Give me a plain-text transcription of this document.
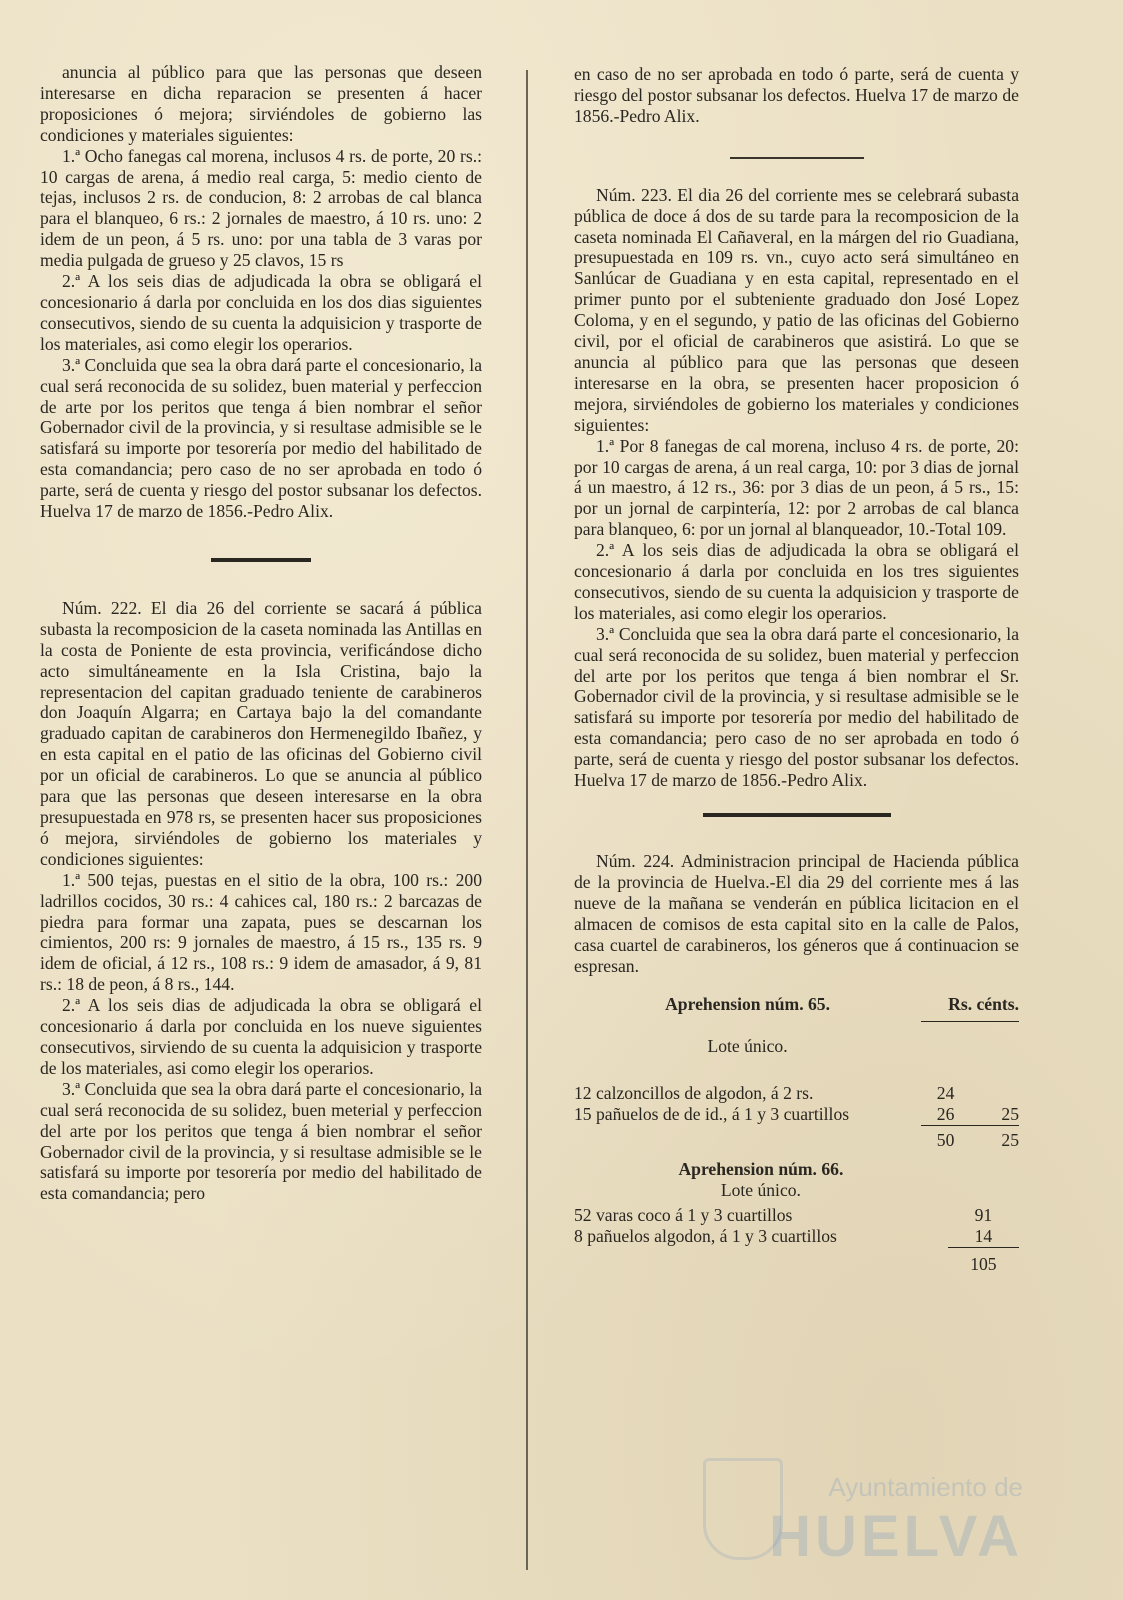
anuncia al público para que las personas que deseen interesarse en dicha reparacion se presenten á hacer proposiciones ó mejora; sirviéndoles de gobierno las condiciones y materiales siguientes:

1.ª Ocho fanegas cal morena, inclusos 4 rs. de porte, 20 rs.: 10 cargas de arena, á medio real carga, 5: medio ciento de tejas, inclusos 2 rs. de conducion, 8: 2 arrobas de cal blanca para el blanqueo, 6 rs.: 2 jornales de maestro, á 10 rs. uno: 2 idem de un peon, á 5 rs. uno: por una tabla de 3 varas por media pulgada de grueso y 25 clavos, 15 rs

2.ª A los seis dias de adjudicada la obra se obligará el concesionario á darla por concluida en los dos dias siguientes consecutivos, siendo de su cuenta la adquisicion y trasporte de los materiales, asi como elegir los operarios.

3.ª Concluida que sea la obra dará parte el concesionario, la cual será reconocida de su solidez, buen material y perfeccion de arte por los peritos que tenga á bien nombrar el señor Gobernador civil de la provincia, y si resultase admisible se le satisfará su importe por tesorería por medio del habilitado de esta comandancia; pero caso de no ser aprobada en todo ó parte, será de cuenta y riesgo del postor subsanar los defectos. Huelva 17 de marzo de 1856.-Pedro Alix.

Núm. 222. El dia 26 del corriente se sacará á pública subasta la recomposicion de la caseta nominada las Antillas en la costa de Poniente de esta provincia, verificándose dicho acto simultáneamente en la Isla Cristina, bajo la representacion del capitan graduado teniente de carabineros don Joaquín Algarra; en Cartaya bajo la del comandante graduado capitan de carabineros don Hermenegildo Ibañez, y en esta capital en el patio de las oficinas del Gobierno civil por un oficial de carabineros. Lo que se anuncia al público para que las personas que deseen interesarse en la obra presupuestada en 978 rs, se presenten hacer sus proposiciones ó mejora, sirviéndoles de gobierno los materiales y condiciones siguientes:

1.ª 500 tejas, puestas en el sitio de la obra, 100 rs.: 200 ladrillos cocidos, 30 rs.: 4 cahices cal, 180 rs.: 2 barcazas de piedra para formar una zapata, pues se descarnan los cimientos, 200 rs: 9 jornales de maestro, á 15 rs., 135 rs. 9 idem de oficial, á 12 rs., 108 rs.: 9 idem de amasador, á 9, 81 rs.: 18 de peon, á 8 rs., 144.

2.ª A los seis dias de adjudicada la obra se obligará el concesionario á darla por concluida en los nueve siguientes consecutivos, sirviendo de su cuenta la adquisicion y trasporte de los materiales, asi como elegir los operarios.

3.ª Concluida que sea la obra dará parte el concesionario, la cual será reconocida de su solidez, buen meterial y perfeccion del arte por los peritos que tenga á bien nombrar el señor Gobernador civil de la provincia, y si resultase admisible se le satisfará su importe por tesorería por medio del habilitado de esta comandancia; pero

en caso de no ser aprobada en todo ó parte, será de cuenta y riesgo del postor subsanar los defectos. Huelva 17 de marzo de 1856.-Pedro Alix.

Núm. 223. El dia 26 del corriente mes se celebrará subasta pública de doce á dos de su tarde para la recomposicion de la caseta nominada El Cañaveral, en la márgen del rio Guadiana, presupuestada en 109 rs. vn., cuyo acto será simultáneo en Sanlúcar de Guadiana y en esta capital, representado en el primer punto por el subteniente graduado don José Lopez Coloma, y en el segundo, y patio de las oficinas del Gobierno civil, por el oficial de carabineros que asistirá. Lo que se anuncia al público para que las personas que deseen interesarse en la obra, se presenten hacer proposicion ó mejora, sirviéndoles de gobierno los materiales y condiciones siguientes:

1.ª Por 8 fanegas de cal morena, incluso 4 rs. de porte, 20: por 10 cargas de arena, á un real carga, 10: por 3 dias de jornal á un maestro, á 12 rs., 36: por 3 dias de un peon, á 5 rs., 15: por un jornal de carpintería, 12: por 2 arrobas de cal blanca para blanqueo, 6: por un jornal al blanqueador, 10.-Total 109.

2.ª A los seis dias de adjudicada la obra se obligará el concesionario á darla por concluida en los tres siguientes consecutivos, siendo de su cuenta la adquisicion y trasporte de los materiales, asi como elegir los operarios.

3.ª Concluida que sea la obra dará parte el concesionario, la cual será reconocida de su solidez, buen material y perfeccion del arte por los peritos que tenga á bien nombrar el Sr. Gobernador civil de la provincia, y si resultase admisible se le satisfará su importe por tesorería por medio del habilitado de esta comandancia; pero caso de no ser aprobada en todo ó parte, será de cuenta y riesgo del postor subsanar los defectos. Huelva 17 de marzo de 1856.-Pedro Alix.

Núm. 224. Administracion principal de Hacienda pública de la provincia de Huelva.-El dia 29 del corriente mes á las nueve de la mañana se venderán en pública licitacion en el almacen de comisos de esta capital sito en la calle de Palos, casa cuartel de carabineros, los géneros que á continuacion se espresan.

Aprehension núm. 65.	Rs. cénts.	

Lote único.		
12 calzoncillos de algodon, á 2 rs.	24	
15 pañuelos de de id., á 1 y 3 cuartillos	26	25
	50	25
Aprehension núm. 66.	
Lote único.	
52 varas coco á 1 y 3 cuartillos	91
8 pañuelos algodon, á 1 y 3 cuartillos	14
	105
Ayuntamiento de
HUELVA
